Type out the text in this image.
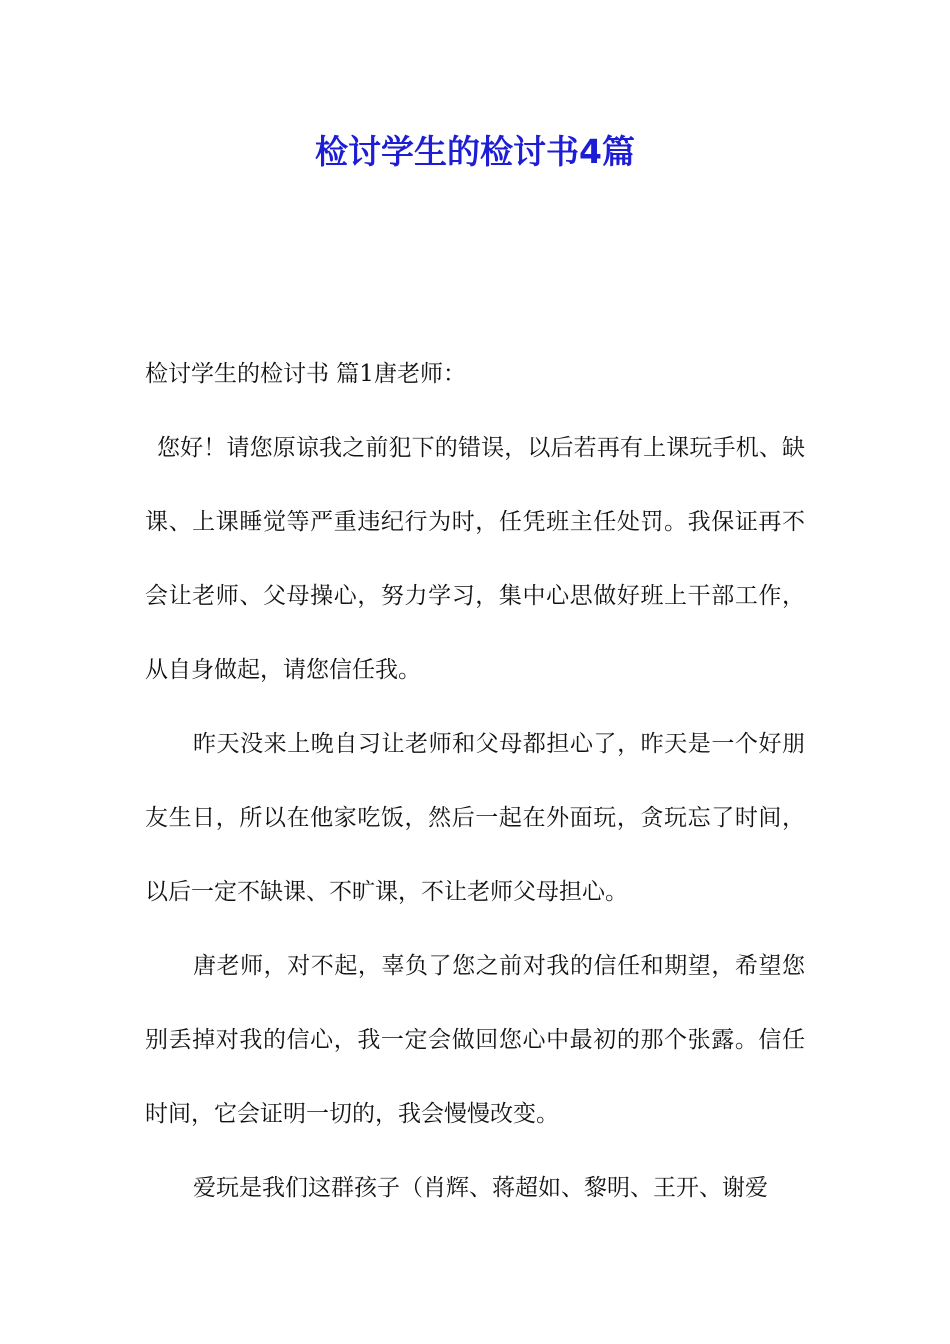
检讨学生的检讨书4篇

检讨学生的检讨书 篇1唐老师：

您好！请您原谅我之前犯下的错误，以后若再有上课玩手机、缺课、上课睡觉等严重违纪行为时，任凭班主任处罚。我保证再不会让老师、父母操心，努力学习，集中心思做好班上干部工作，从自身做起，请您信任我。

昨天没来上晚自习让老师和父母都担心了，昨天是一个好朋友生日，所以在他家吃饭，然后一起在外面玩，贪玩忘了时间，以后一定不缺课、不旷课，不让老师父母担心。

唐老师，对不起，辜负了您之前对我的信任和期望，希望您别丢掉对我的信心，我一定会做回您心中最初的那个张露。信任时间，它会证明一切的，我会慢慢改变。

爱玩是我们这群孩子（肖辉、蒋超如、黎明、王开、谢爱
